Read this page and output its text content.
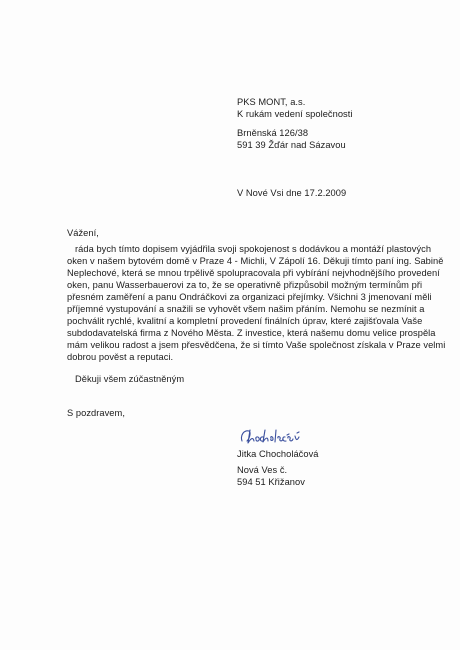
PKS MONT, a.s.
K rukám vedení společnosti
Brněnská 126/38
591 39 Žďár nad Sázavou
V Nové Vsi dne 17.2.2009
Vážení,
ráda bych tímto dopisem vyjádřila svoji spokojenost s dodávkou a montáží plastových
oken v našem bytovém domě v Praze 4 - Michli, V Zápolí 16. Děkuji tímto paní ing. Sabině
Neplechové, která se mnou trpělivě spolupracovala při vybírání nejvhodnějšího provedení
oken, panu Wasserbauerovi za to, že se operativně přizpůsobil možným termínům při
přesném zaměření a panu Ondráčkovi za organizaci přejímky. Všichni 3 jmenovaní měli
příjemné vystupování a snažili se vyhovět všem našim přáním. Nemohu se nezmínit a
pochválit rychlé, kvalitní a kompletní provedení finálních úprav, které zajišťovala Vaše
subdodavatelská firma z Nového Města. Z investice, která našemu domu velice prospěla
mám velikou radost a jsem přesvědčena, že si tímto Vaše společnost získala v Praze velmi
dobrou pověst a reputaci.
Děkuji všem zúčastněným
S pozdravem,
Jitka Chocholáčová
Nová Ves č.
594 51 Křižanov
